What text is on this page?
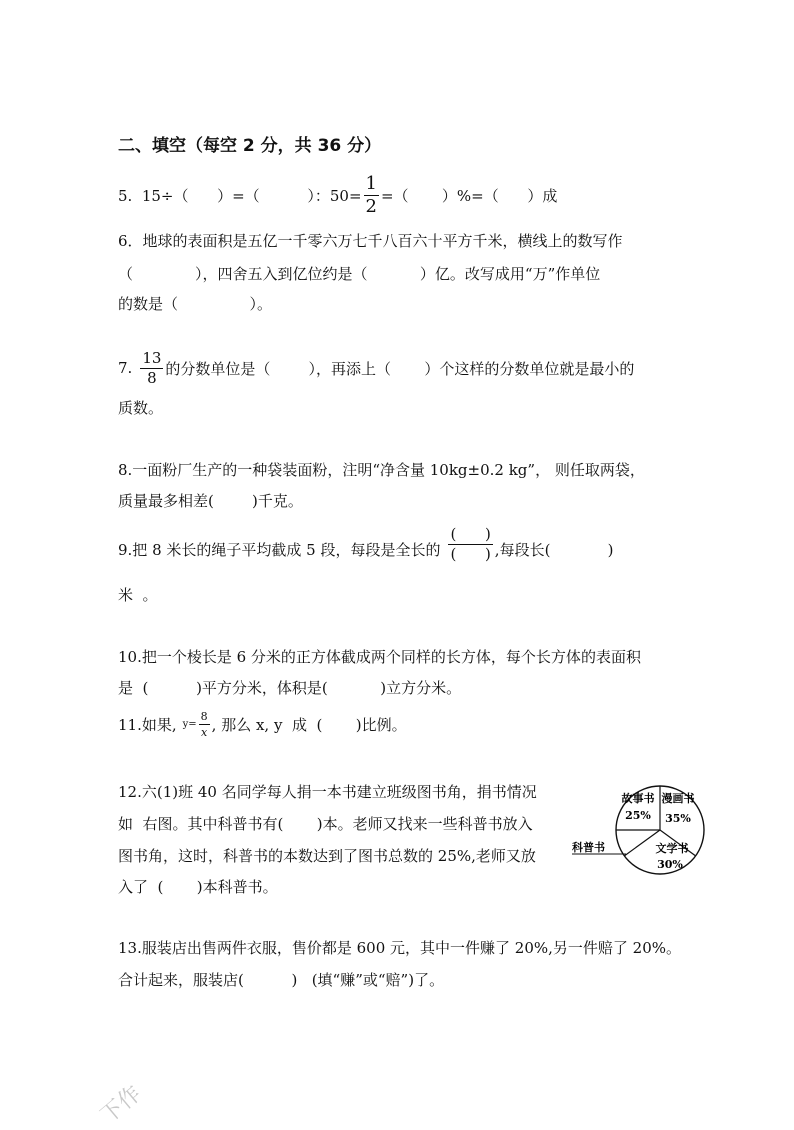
二、填空（每空 2 分，共 36 分）
5.  15÷（      ）=（          ）：$50= \frac{1}{2}$ =（       ）%=（      ）成
6．地球的表面积是五亿一千零六万七千八百六十平方千米，横线上的数写作
（             ），四舍五入到亿位约是（           ）亿。改写成用“万”作单位
的数是（               ）。
7. $\frac{13}{8}$ 的分数单位是（        ），再添上（       ）个这样的分数单位就是最小的
质数。
8.一面粉厂生产的一种袋装面粉，注明“净含量 10kg±0.2 kg”， 则任取两袋，
质量最多相差(        )千克。
9.把 8 米长的绳子平均截成 5 段，每段是全长的 $\frac{( )}{( )}$ ,每段长(            )
米  。
10.把一个棱长是 6 分米的正方体截成两个同样的长方体，每个长方体的表面积
是  (          )平方分米，体积是(           )立方分米。
11.如果, $y= \frac{8}{x}$ , 那么 x, y  成  (       )比例。
12.六(1)班 40 名同学每人捐一本书建立班级图书角，捐书情况
如  右图。其中科普书有(       )本。老师又找来一些科普书放入
图书角，这时，科普书的本数达到了图书总数的 25%,老师又放
入了  (       )本科普书。
故事书
25%
漫画书
35%
文学书
30%
科普书
13.服装店出售两件衣服，售价都是 600 元，其中一件赚了 20%,另一件赔了 20%。
合计起来，服装店(          )   (填“赚”或“赔”)了。
下作
